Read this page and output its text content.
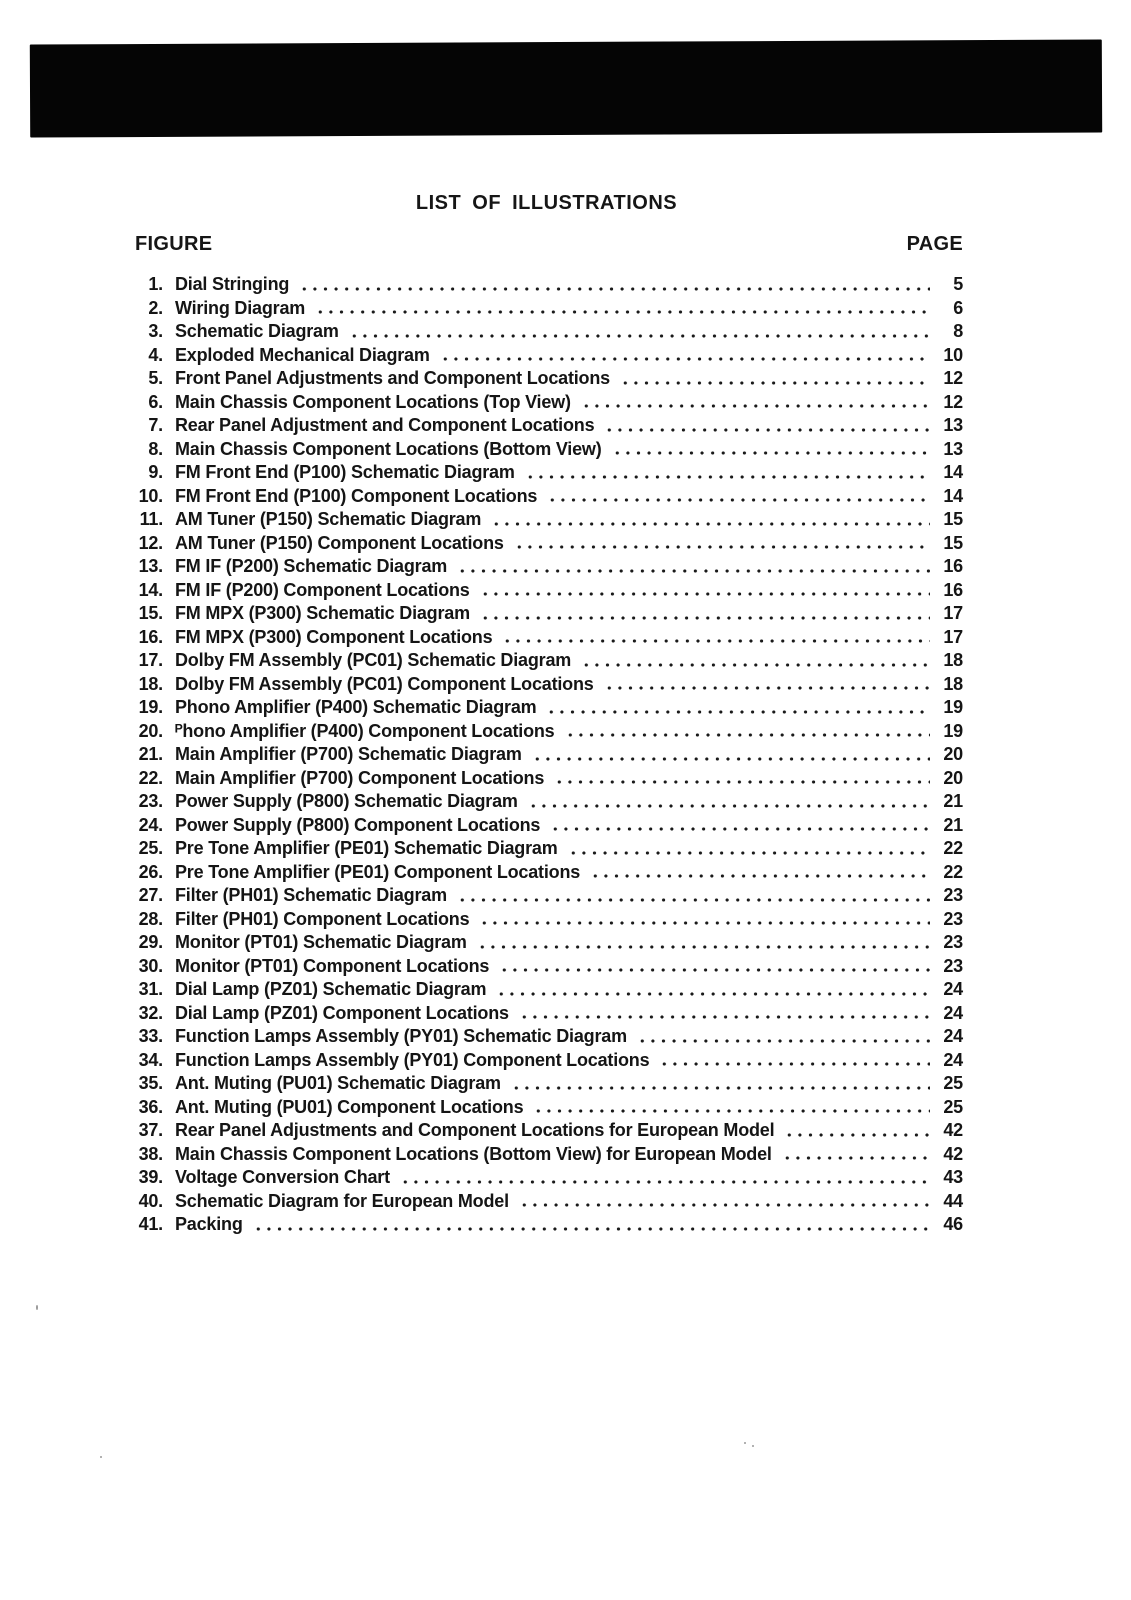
LIST OF ILLUSTRATIONS
FIGURE	PAGE
1. Dial Stringing	5
2. Wiring Diagram	6
3. Schematic Diagram	8
4. Exploded Mechanical Diagram	10
5. Front Panel Adjustments and Component Locations	12
6. Main Chassis Component Locations (Top View)	12
7. Rear Panel Adjustment and Component Locations	13
8. Main Chassis Component Locations (Bottom View)	13
9. FM Front End (P100) Schematic Diagram	14
10. FM Front End (P100) Component Locations	14
11. AM Tuner (P150) Schematic Diagram	15
12. AM Tuner (P150) Component Locations	15
13. FM IF (P200) Schematic Diagram	16
14. FM IF (P200) Component Locations	16
15. FM MPX (P300) Schematic Diagram	17
16. FM MPX (P300) Component Locations	17
17. Dolby FM Assembly (PC01) Schematic Diagram	18
18. Dolby FM Assembly (PC01) Component Locations	18
19. Phono Amplifier (P400) Schematic Diagram	19
20. ᴾhono Amplifier (P400) Component Locations	19
21. Main Amplifier (P700) Schematic Diagram	20
22. Main Amplifier (P700) Component Locations	20
23. Power Supply (P800) Schematic Diagram	21
24. Power Supply (P800) Component Locations	21
25. Pre Tone Amplifier (PE01) Schematic Diagram	22
26. Pre Tone Amplifier (PE01) Component Locations	22
27. Filter (PH01) Schematic Diagram	23
28. Filter (PH01) Component Locations	23
29. Monitor (PT01) Schematic Diagram	23
30. Monitor (PT01) Component Locations	23
31. Dial Lamp (PZ01) Schematic Diagram	24
32. Dial Lamp (PZ01) Component Locations	24
33. Function Lamps Assembly (PY01) Schematic Diagram	24
34. Function Lamps Assembly (PY01) Component Locations	24
35. Ant. Muting (PU01) Schematic Diagram	25
36. Ant. Muting (PU01) Component Locations	25
37. Rear Panel Adjustments and Component Locations for European Model	42
38. Main Chassis Component Locations (Bottom View) for European Model	42
39. Voltage Conversion Chart	43
40. Schematic Diagram for European Model	44
41. Packing	46
